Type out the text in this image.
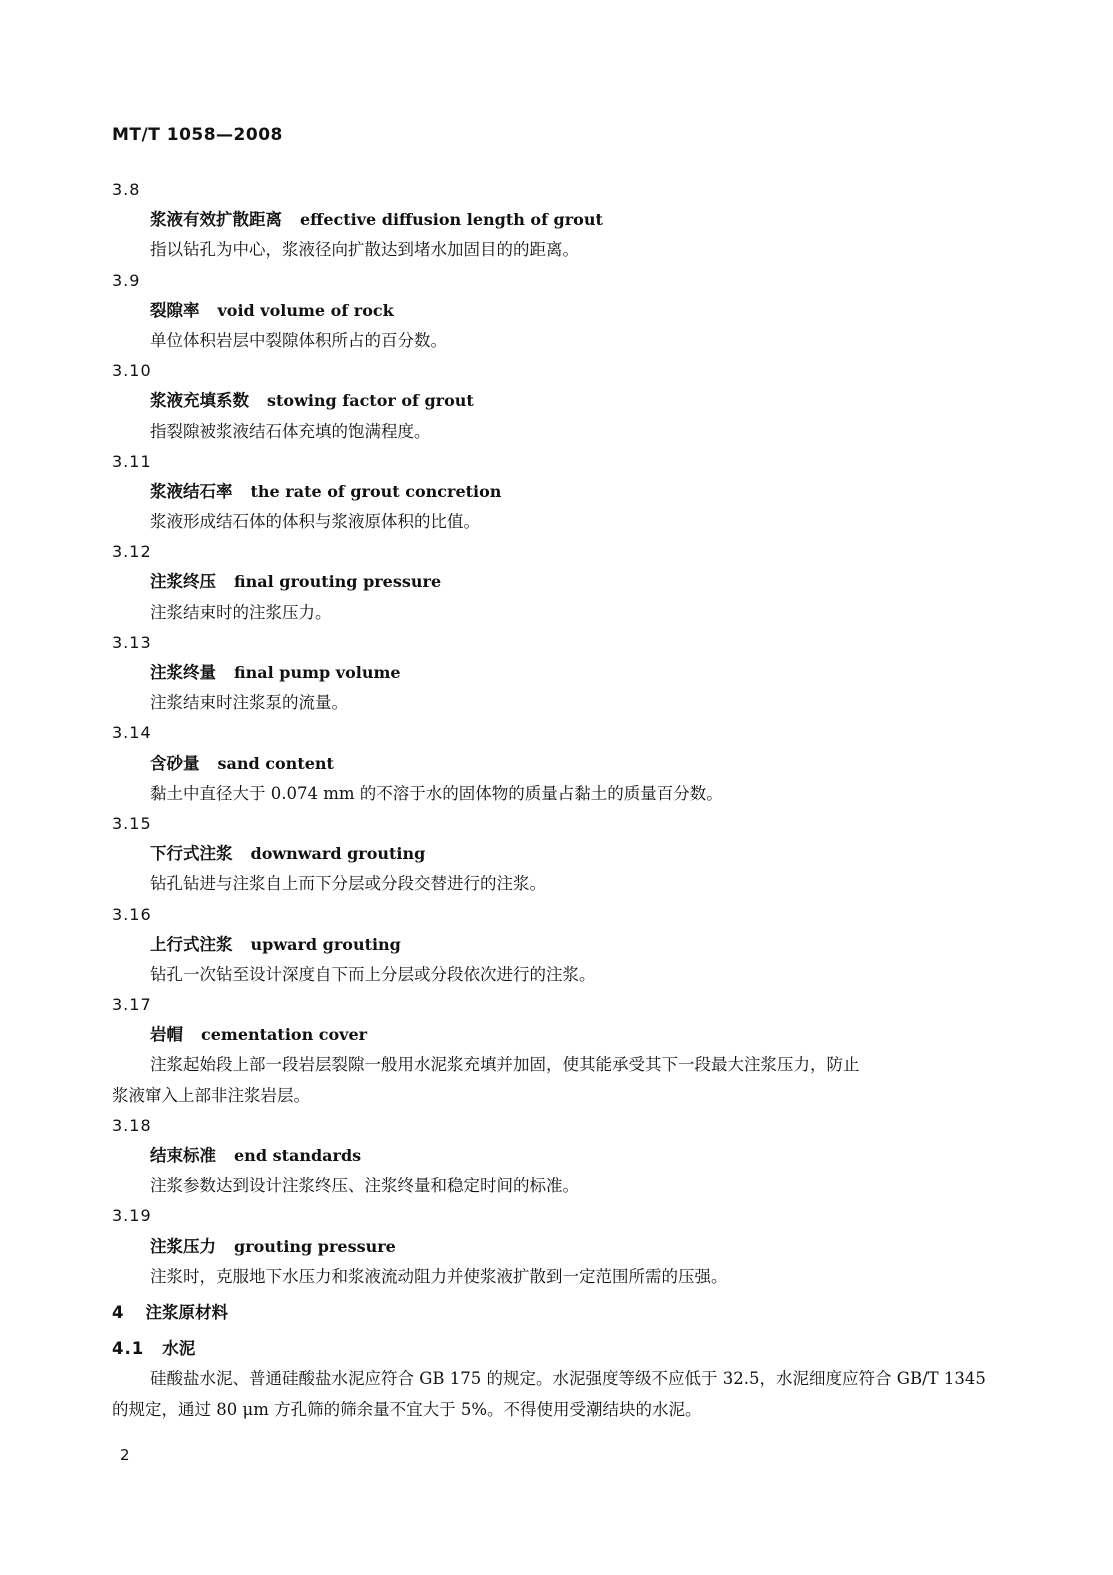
MT/T 1058—2008
3.8
浆液有效扩散距离 effective diffusion length of grout
指以钻孔为中心，浆液径向扩散达到堵水加固目的的距离。
3.9
裂隙率 void volume of rock
单位体积岩层中裂隙体积所占的百分数。
3.10
浆液充填系数 stowing factor of grout
指裂隙被浆液结石体充填的饱满程度。
3.11
浆液结石率 the rate of grout concretion
浆液形成结石体的体积与浆液原体积的比值。
3.12
注浆终压 final grouting pressure
注浆结束时的注浆压力。
3.13
注浆终量 final pump volume
注浆结束时注浆泵的流量。
3.14
含砂量 sand content
黏土中直径大于 0.074 mm 的不溶于水的固体物的质量占黏土的质量百分数。
3.15
下行式注浆 downward grouting
钻孔钻进与注浆自上而下分层或分段交替进行的注浆。
3.16
上行式注浆 upward grouting
钻孔一次钻至设计深度自下而上分层或分段依次进行的注浆。
3.17
岩帽 cementation cover
注浆起始段上部一段岩层裂隙一般用水泥浆充填并加固，使其能承受其下一段最大注浆压力，防止
浆液窜入上部非注浆岩层。
3.18
结束标准 end standards
注浆参数达到设计注浆终压、注浆终量和稳定时间的标准。
3.19
注浆压力 grouting pressure
注浆时，克服地下水压力和浆液流动阻力并使浆液扩散到一定范围所需的压强。
4 注浆原材料
4.1 水泥
硅酸盐水泥、普通硅酸盐水泥应符合 GB 175 的规定。水泥强度等级不应低于 32.5，水泥细度应符合 GB/T 1345 的规定，通过 80 μm 方孔筛的筛余量不宜大于 5%。不得使用受潮结块的水泥。
2
